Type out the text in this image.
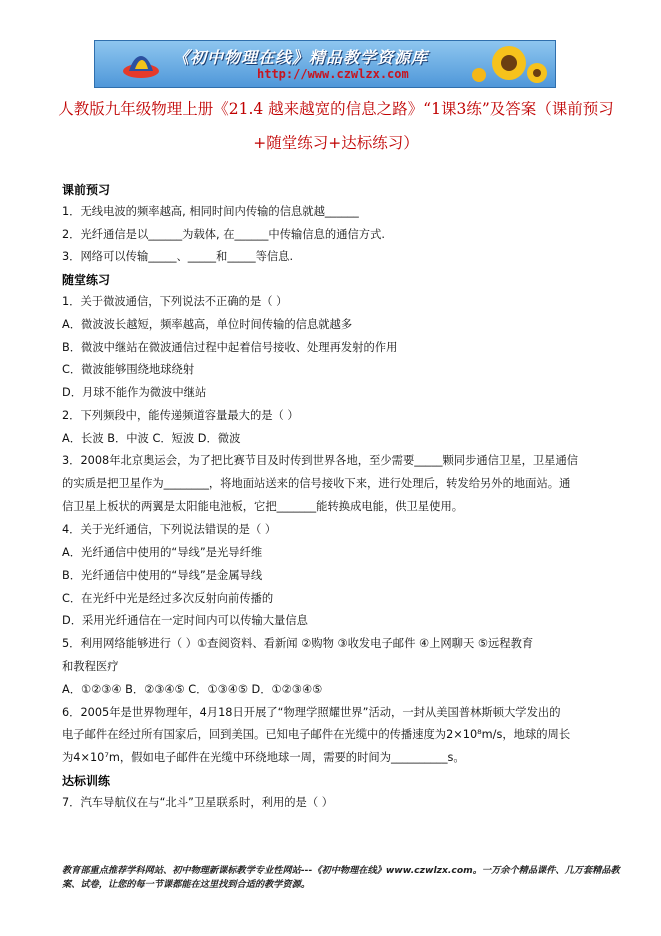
《初中物理在线》精品教学资源库
http://www.czwlzx.com
人教版九年级物理上册《21.4 越来越宽的信息之路》“1课3练”及答案（课前预习+随堂练习+达标练习）
课前预习
1．无线电波的频率越高, 相同时间内传输的信息就越______
2．光纤通信是以______为载体, 在______中传输信息的通信方式.
3．网络可以传输_____、_____和_____等信息.
随堂练习
1．关于微波通信，下列说法不正确的是（ ）
A．微波波长越短，频率越高，单位时间传输的信息就越多
B．微波中继站在微波通信过程中起着信号接收、处理再发射的作用
C．微波能够围绕地球绕射
D．月球不能作为微波中继站
2．下列频段中，能传递频道容量最大的是（ ）
A．长波 B．中波 C．短波 D．微波
3．2008年北京奥运会，为了把比赛节目及时传到世界各地，至少需要_____颗同步通信卫星，卫星通信
的实质是把卫星作为________，将地面站送来的信号接收下来，进行处理后，转发给另外的地面站。通
信卫星上板状的两翼是太阳能电池板，它把_______能转换成电能，供卫星使用。
4．关于光纤通信，下列说法错误的是（ ）
A．光纤通信中使用的“导线”是光导纤维
B．光纤通信中使用的“导线”是金属导线
C．在光纤中光是经过多次反射向前传播的
D．采用光纤通信在一定时间内可以传输大量信息
5．利用网络能够进行（ ）①查阅资料、看新闻 ②购物 ③收发电子邮件 ④上网聊天 ⑤远程教育
和教程医疗
A．①②③④ B．②③④⑤ C．①③④⑤ D．①②③④⑤
6．2005年是世界物理年，4月18日开展了“物理学照耀世界”活动，一封从美国普林斯顿大学发出的
电子邮件在经过所有国家后，回到美国。已知电子邮件在光缆中的传播速度为2×10⁸m/s，地球的周长
为4×10⁷m，假如电子邮件在光缆中环绕地球一周，需要的时间为__________s。
达标训练
7．汽车导航仪在与“北斗”卫星联系时，利用的是（ ）
教育部重点推荐学科网站、初中物理新课标教学专业性网站---《初中物理在线》www.czwlzx.com。一万余个精品课件、几万套精品教案、试卷，让您的每一节课都能在这里找到合适的教学资源。
